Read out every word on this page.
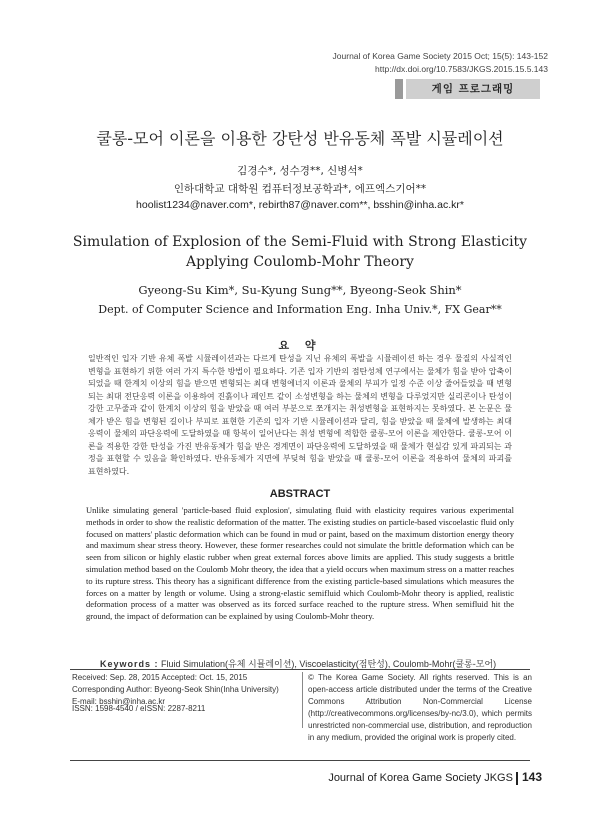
Journal of Korea Game Society 2015 Oct; 15(5): 143-152
http://dx.doi.org/10.7583/JKGS.2015.15.5.143
게임 프로그래밍
쿨롱-모어 이론을 이용한 강탄성 반유동체 폭발 시뮬레이션
김경수*, 성수경**, 신병석*
인하대학교 대학원 컴퓨터정보공학과*, 에프엑스기어**
hoolist1234@naver.com*, rebirth87@naver.com**, bsshin@inha.ac.kr*
Simulation of Explosion of the Semi-Fluid with Strong Elasticity
Applying Coulomb-Mohr Theory
Gyeong-Su Kim*, Su-Kyung Sung**, Byeong-Seok Shin*
Dept. of Computer Science and Information Eng. Inha Univ.*, FX Gear**
요 약
일반적인 입자 기반 유체 폭발 시뮬레이션과는 다르게 탄성을 지닌 유체의 폭발을 시뮬레이션 하는 경우 물질의 사실적인 변형을 표현하기 위한 여러 가지 특수한 방법이 필요하다. 기존 입자 기반의 점탄성체 연구에서는 물체가 힘을 받아 압축이 되었을 때 한계치 이상의 힘을 받으면 변형되는 최대 변형에너지 이론과 물체의 부피가 일정 수준 이상 줄어들었을 때 변형되는 최대 전단응력 이론을 이용하여 진흙이나 페인트 같이 소성변형을 하는 물체의 변형을 다루었지만 실리콘이나 탄성이 강한 고무줄과 같이 한계치 이상의 힘을 받았을 때 여러 부분으로 쪼개지는 취성변형을 표현하지는 못하였다. 본 논문은 물체가 받은 힘을 변형된 길이나 부피로 표현한 기존의 입자 기반 시뮬레이션과 달리, 힘을 받았을 때 물체에 발생하는 최대응력이 물체의 파단응력에 도달하였을 때 항복이 일어난다는 취성 변형에 적합한 쿨롱-모어 이론을 제안한다. 쿨롱-모어 이론을 적용한 강한 탄성을 가진 반유동체가 힘을 받은 경계면이 파단응력에 도달하였을 때 물체가 현실감 있게 파괴되는 과정을 표현할 수 있음을 확인하였다. 반유동체가 지면에 부딪혀 힘을 받았을 때 쿨롱-모어 이론을 적용하여 물체의 파괴를 표현하였다.
ABSTRACT
Unlike simulating general 'particle-based fluid explosion', simulating fluid with elasticity requires various experimental methods in order to show the realistic deformation of the matter. The existing studies on particle-based viscoelastic fluid only focused on matters' plastic deformation which can be found in mud or paint, based on the maximum distortion energy theory and maximum shear stress theory. However, these former researches could not simulate the brittle deformation which can be seen from silicon or highly elastic rubber when great external forces above limits are applied. This study suggests a brittle simulation method based on the Coulomb Mohr theory, the idea that a yield occurs when maximum stress on a matter reaches to its rupture stress. This theory has a significant difference from the existing particle-based simulations which measures the forces on a matter by length or volume. Using a strong-elastic semifluid which Coulomb-Mohr theory is applied, realistic deformation process of a matter was observed as its forced surface reached to the rupture stress. When semifluid hit the ground, the impact of deformation can be explained by using Coulomb-Mohr theory.
Keywords : Fluid Simulation(유체 시뮬레이션), Viscoelasticity(점탄성), Coulomb-Mohr(쿨롱-모어)
Received: Sep. 28, 2015 Accepted: Oct. 15, 2015
Corresponding Author: Byeong-Seok Shin(Inha University)
E-mail: bsshin@inha.ac.kr
ISSN: 1598-4540 / eISSN: 2287-8211
© The Korea Game Society. All rights reserved. This is an open-access article distributed under the terms of the Creative Commons Attribution Non-Commercial License (http://creativecommons.org/licenses/by-nc/3.0), which permits unrestricted non-commercial use, distribution, and reproduction in any medium, provided the original work is properly cited.
Journal of Korea Game Society JKGS 143
